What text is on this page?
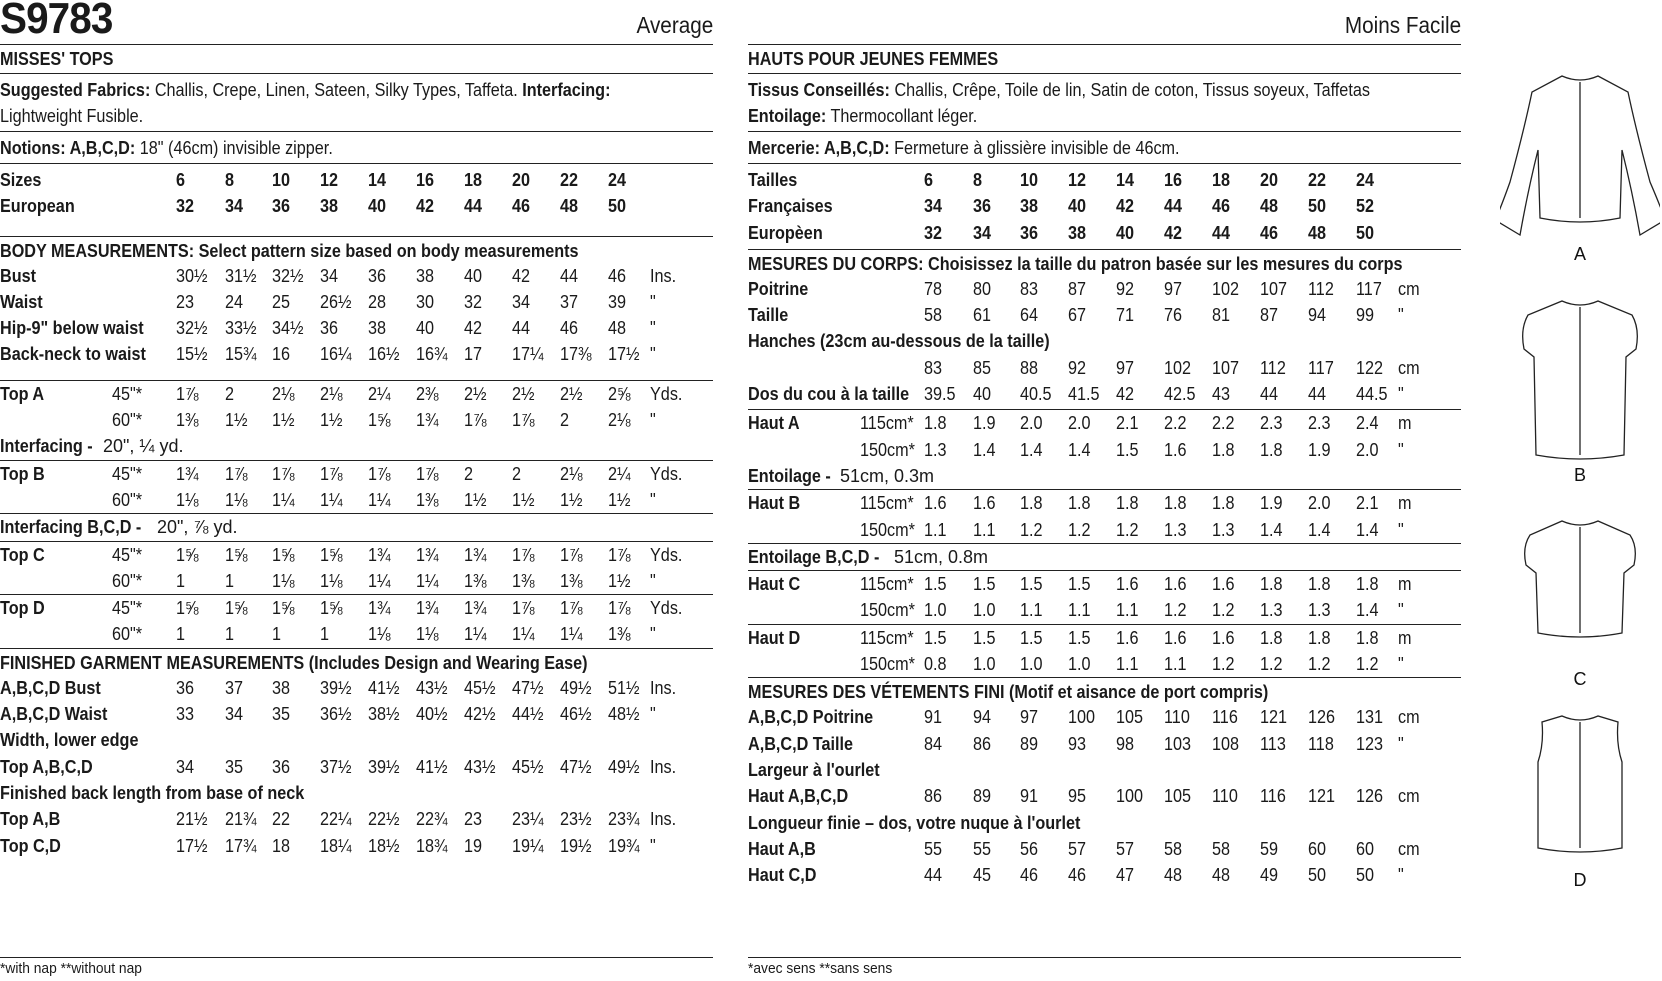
S9783	Average
MISSES' TOPS
Suggested Fabrics: Challis, Crepe, Linen, Sateen, Silky Types, Taffeta. Interfacing:
Lightweight Fusible.
Notions: A,B,C,D: 18" (46cm) invisible zipper.
Sizes	6 8 10 12 14 16 18 20 22 24
European	32 34 36 38 40 42 44 46 48 50
BODY MEASUREMENTS: Select pattern size based on body measurements
Bust	30½ 31½ 32½ 34 36 38 40 42 44 46 Ins.
Waist	23 24 25 26½ 28 30 32 34 37 39 "
Hip-9" below waist 32½ 33½ 34½ 36 38 40 42 44 46 48 "
Back-neck to waist 15½ 15¾ 16 16¼ 16½ 16¾ 17 17¼ 17⅜ 17½ "
Top A	45"* 1⅞ 2 2⅛ 2⅛ 2¼ 2⅜ 2½ 2½ 2½ 2⅝ Yds.
60"* 1⅜ 1½ 1½ 1½ 1⅝ 1¾ 1⅞ 1⅞ 2 2⅛ "
Interfacing - 20", ¼ yd.
Top B	45"* 1¾ 1⅞ 1⅞ 1⅞ 1⅞ 1⅞ 2 2 2⅛ 2¼ Yds.
60"* 1⅛ 1⅛ 1¼ 1¼ 1¼ 1⅜ 1½ 1½ 1½ 1½ "
Interfacing B,C,D - 20", ⅞ yd.
Top C	45"* 1⅝ 1⅝ 1⅝ 1⅝ 1¾ 1¾ 1¾ 1⅞ 1⅞ 1⅞ Yds.
60"* 1 1 1⅛ 1⅛ 1¼ 1¼ 1⅜ 1⅜ 1⅜ 1½ "
Top D	45"* 1⅝ 1⅝ 1⅝ 1⅝ 1¾ 1¾ 1¾ 1⅞ 1⅞ 1⅞ Yds.
60"* 1 1 1 1 1⅛ 1⅛ 1¼ 1¼ 1¼ 1⅜ "
FINISHED GARMENT MEASUREMENTS (Includes Design and Wearing Ease)
A,B,C,D Bust	36 37 38 39½ 41½ 43½ 45½ 47½ 49½ 51½ Ins.
A,B,C,D Waist	33 34 35 36½ 38½ 40½ 42½ 44½ 46½ 48½ "
Width, lower edge
Top A,B,C,D	34 35 36 37½ 39½ 41½ 43½ 45½ 47½ 49½ Ins.
Finished back length from base of neck
Top A,B	21½ 21¾ 22 22¼ 22½ 22¾ 23 23¼ 23½ 23¾ Ins.
Top C,D	17½ 17¾ 18 18¼ 18½ 18¾ 19 19¼ 19½ 19¾ "
*with nap **without nap
Moins Facile
HAUTS POUR JEUNES FEMMES
Tissus Conseillés: Challis, Crêpe, Toile de lin, Satin de coton, Tissus soyeux, Taffetas
Entoilage: Thermocollant léger.
Mercerie: A,B,C,D: Fermeture à glissière invisible de 46cm.
Tailles	6 8 10 12 14 16 18 20 22 24
Françaises	34 36 38 40 42 44 46 48 50 52
Europèen	32 34 36 38 40 42 44 46 48 50
MESURES DU CORPS: Choisissez la taille du patron basée sur les mesures du corps
Poitrine	78 80 83 87 92 97 102 107 112 117 cm
Taille	58 61 64 67 71 76 81 87 94 99 "
Hanches (23cm au-dessous de la taille)
83 85 88 92 97 102 107 112 117 122 cm
Dos du cou à la taille 39.5 40 40.5 41.5 42 42.5 43 44 44 44.5 "
Haut A	115cm* 1.8 1.9 2.0 2.0 2.1 2.2 2.2 2.3 2.3 2.4 m
150cm* 1.3 1.4 1.4 1.4 1.5 1.6 1.8 1.8 1.9 2.0 "
Entoilage - 51cm, 0.3m
Haut B	115cm* 1.6 1.6 1.8 1.8 1.8 1.8 1.8 1.9 2.0 2.1 m
150cm* 1.1 1.1 1.2 1.2 1.2 1.3 1.3 1.4 1.4 1.4 "
Entoilage B,C,D - 51cm, 0.8m
Haut C	115cm* 1.5 1.5 1.5 1.5 1.6 1.6 1.6 1.8 1.8 1.8 m
150cm* 1.0 1.0 1.1 1.1 1.1 1.2 1.2 1.3 1.3 1.4 "
Haut D	115cm* 1.5 1.5 1.5 1.5 1.6 1.6 1.6 1.8 1.8 1.8 m
150cm* 0.8 1.0 1.0 1.0 1.1 1.1 1.2 1.2 1.2 1.2 "
MESURES DES VÉTEMENTS FINI (Motif et aisance de port compris)
A,B,C,D Poitrine	91 94 97 100 105 110 116 121 126 131 cm
A,B,C,D Taille	84 86 89 93 98 103 108 113 118 123 "
Largeur à l'ourlet
Haut A,B,C,D	86 89 91 95 100 105 110 116 121 126 cm
Longueur finie – dos, votre nuque à l'ourlet
Haut A,B	55 55 56 57 57 58 58 59 60 60 cm
Haut C,D	44 45 46 46 47 48 48 49 50 50 "
*avec sens **sans sens
A
B
C
D
